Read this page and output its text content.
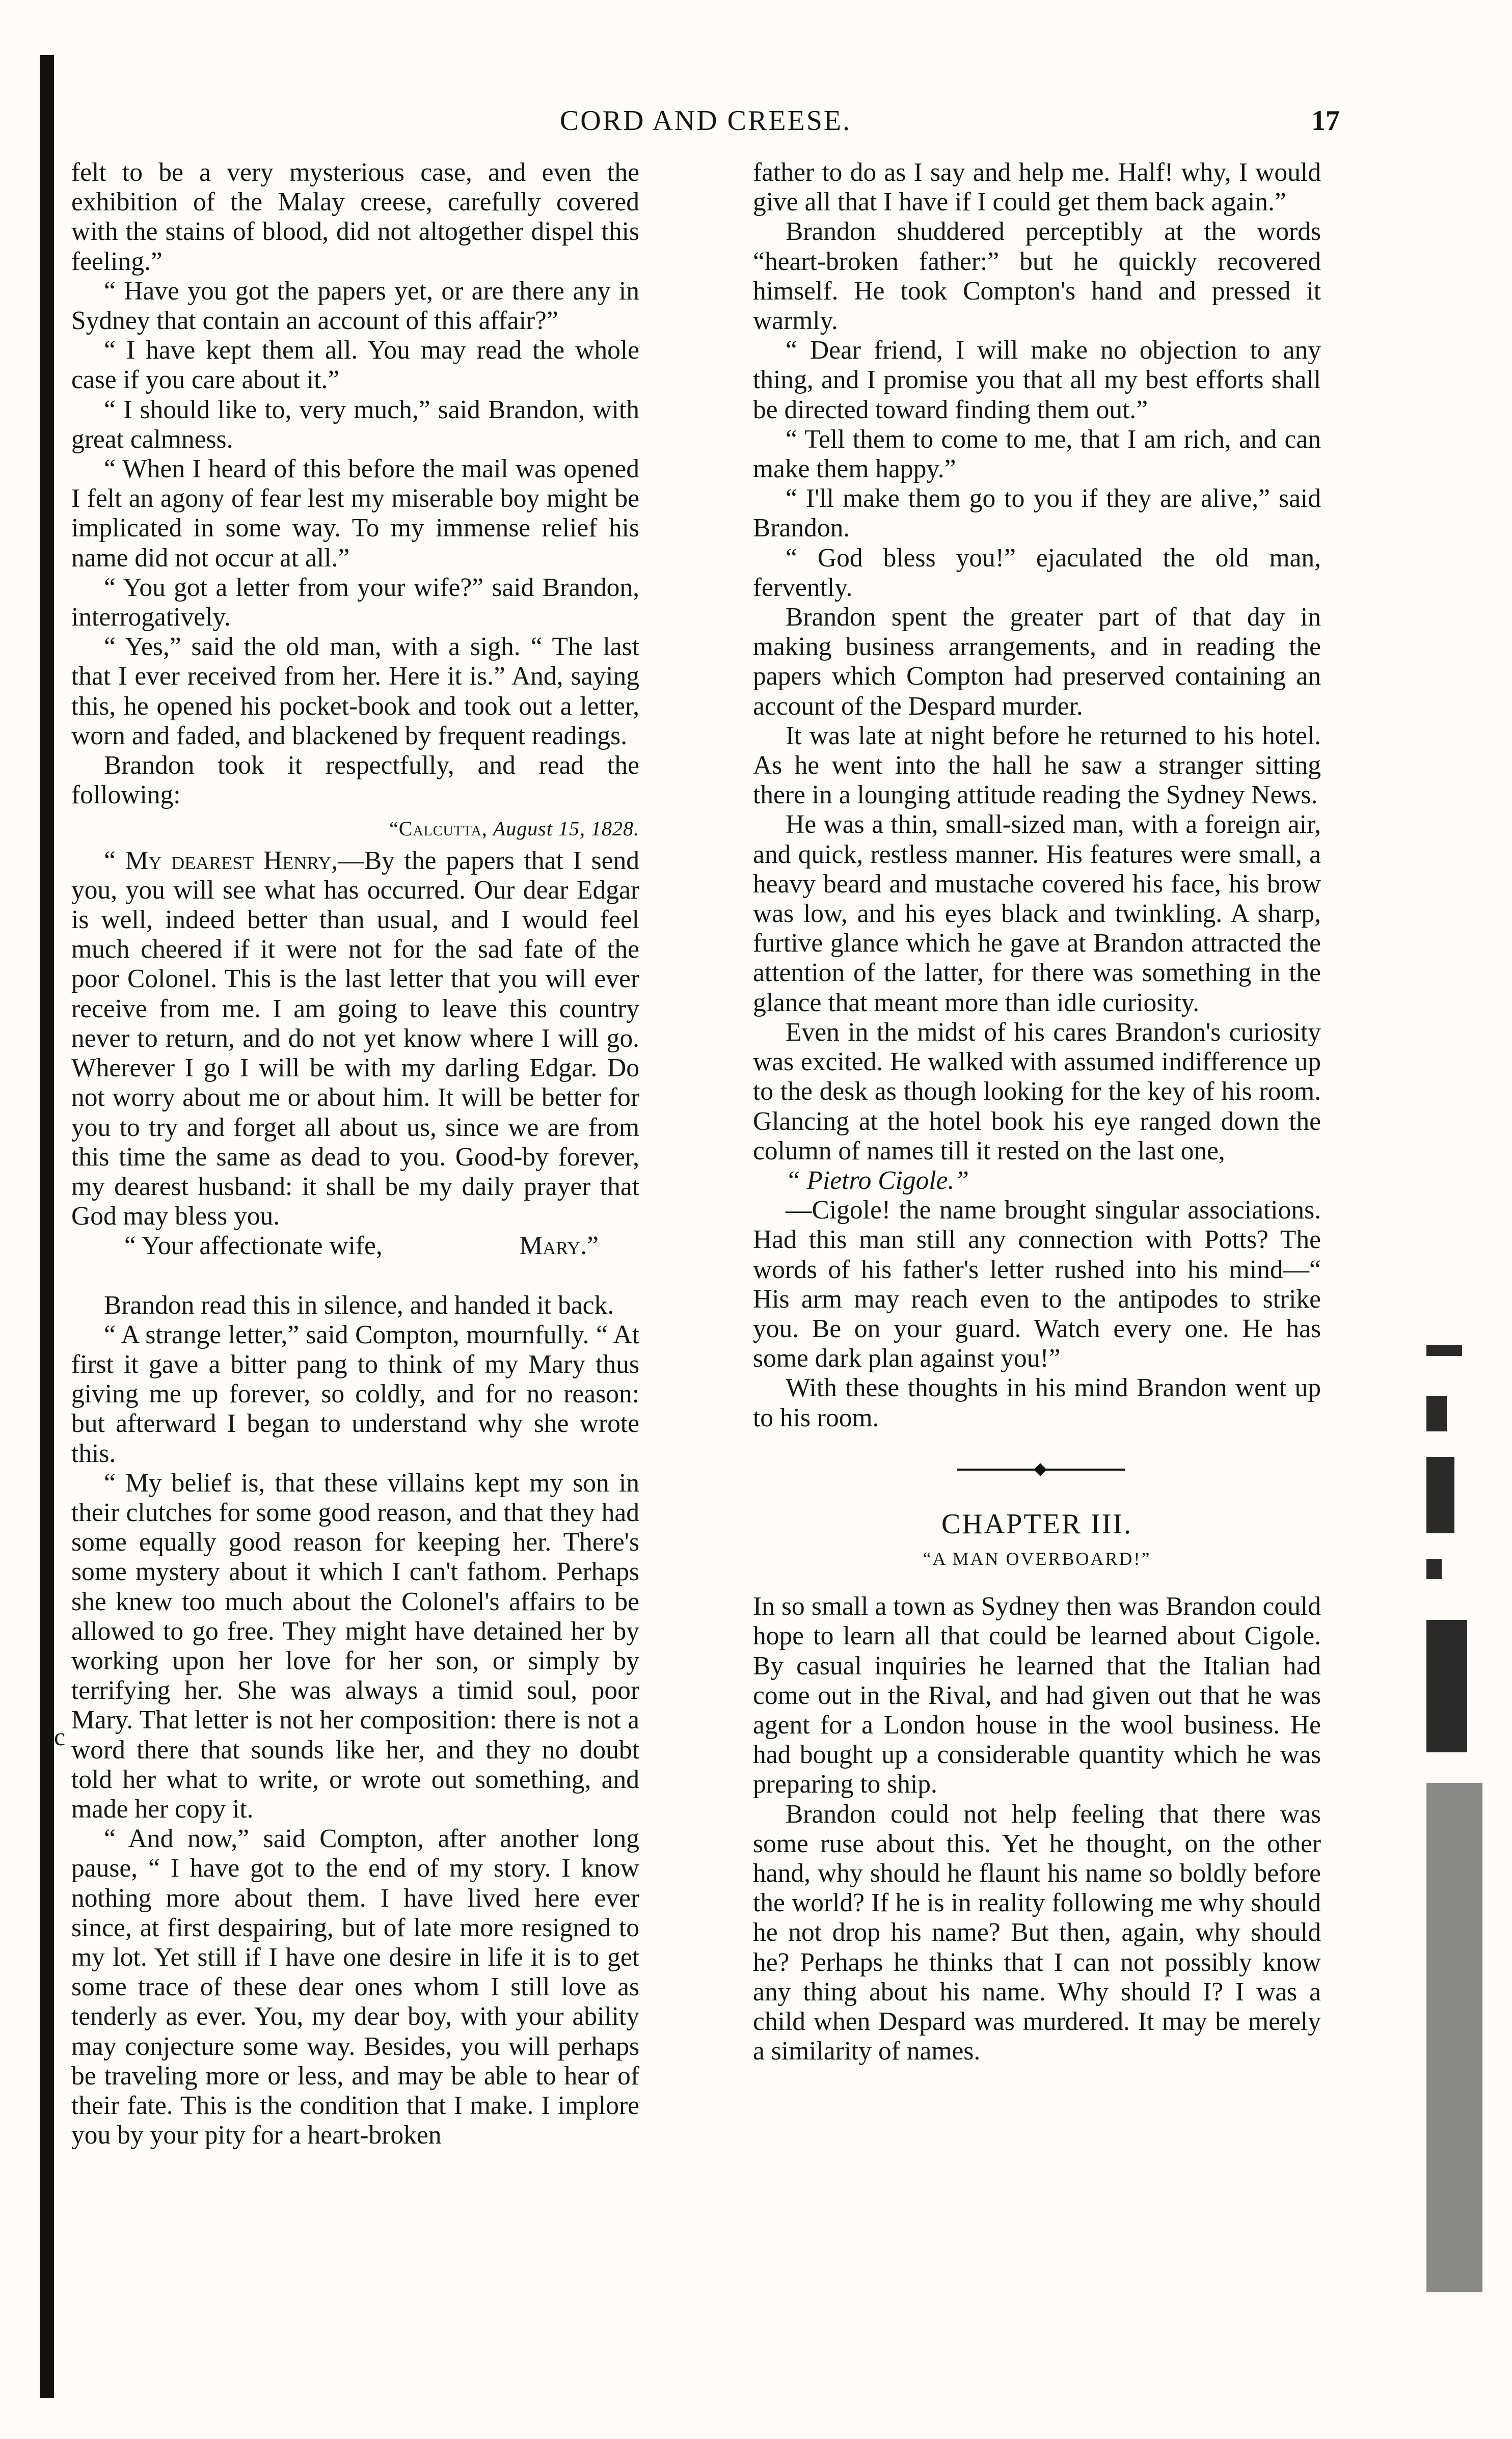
CORD AND CREESE.	17

felt to be a very mysterious case, and even the exhibition of the Malay creese, carefully covered with the stains of blood, did not altogether dispel this feeling.”

“ Have you got the papers yet, or are there any in Sydney that contain an account of this affair?”

“ I have kept them all. You may read the whole case if you care about it.”

“ I should like to, very much,” said Brandon, with great calmness.

“ When I heard of this before the mail was opened I felt an agony of fear lest my miserable boy might be implicated in some way. To my immense relief his name did not occur at all.”

“ You got a letter from your wife?” said Brandon, interrogatively.

“ Yes,” said the old man, with a sigh. “ The last that I ever received from her. Here it is.” And, saying this, he opened his pocket-book and took out a letter, worn and faded, and blackened by frequent readings.

Brandon took it respectfully, and read the following:

“Calcutta, August 15, 1828.

“ My dearest Henry,—By the papers that I send you, you will see what has occurred. Our dear Edgar is well, indeed better than usual, and I would feel much cheered if it were not for the sad fate of the poor Colonel. This is the last letter that you will ever receive from me. I am going to leave this country never to return, and do not yet know where I will go. Wherever I go I will be with my darling Edgar. Do not worry about me or about him. It will be better for you to try and forget all about us, since we are from this time the same as dead to you. Good-by forever, my dearest husband: it shall be my daily prayer that God may bless you.

“ Your affectionate wife,	Mary.”

Brandon read this in silence, and handed it back.

“ A strange letter,” said Compton, mournfully. “ At first it gave a bitter pang to think of my Mary thus giving me up forever, so coldly, and for no reason: but afterward I began to understand why she wrote this.

“ My belief is, that these villains kept my son in their clutches for some good reason, and that they had some equally good reason for keeping her. There's some mystery about it which I can't fathom. Perhaps she knew too much about the Colonel's affairs to be allowed to go free. They might have detained her by working upon her love for her son, or simply by terrifying her. She was always a timid soul, poor Mary. That letter is not her composition: there is not a word there that sounds like her, and they no doubt told her what to write, or wrote out something, and made her copy it.

“ And now,” said Compton, after another long pause, “ I have got to the end of my story. I know nothing more about them. I have lived here ever since, at first despairing, but of late more resigned to my lot. Yet still if I have one desire in life it is to get some trace of these dear ones whom I still love as tenderly as ever. You, my dear boy, with your ability may conjecture some way. Besides, you will perhaps be traveling more or less, and may be able to hear of their fate. This is the condition that I make. I implore you by your pity for a heart-broken

father to do as I say and help me. Half! why, I would give all that I have if I could get them back again.”

Brandon shuddered perceptibly at the words “heart-broken father:” but he quickly recovered himself. He took Compton's hand and pressed it warmly.

“ Dear friend, I will make no objection to any thing, and I promise you that all my best efforts shall be directed toward finding them out.”

“ Tell them to come to me, that I am rich, and can make them happy.”

“ I'll make them go to you if they are alive,” said Brandon.

“ God bless you!” ejaculated the old man, fervently.

Brandon spent the greater part of that day in making business arrangements, and in reading the papers which Compton had preserved containing an account of the Despard murder.

It was late at night before he returned to his hotel. As he went into the hall he saw a stranger sitting there in a lounging attitude reading the Sydney News.

He was a thin, small-sized man, with a foreign air, and quick, restless manner. His features were small, a heavy beard and mustache covered his face, his brow was low, and his eyes black and twinkling. A sharp, furtive glance which he gave at Brandon attracted the attention of the latter, for there was something in the glance that meant more than idle curiosity.

Even in the midst of his cares Brandon's curiosity was excited. He walked with assumed indifference up to the desk as though looking for the key of his room. Glancing at the hotel book his eye ranged down the column of names till it rested on the last one,

“ Pietro Cigole.”

—Cigole! the name brought singular associations. Had this man still any connection with Potts? The words of his father's letter rushed into his mind—“ His arm may reach even to the antipodes to strike you. Be on your guard. Watch every one. He has some dark plan against you!”

With these thoughts in his mind Brandon went up to his room.

CHAPTER III.
“A MAN OVERBOARD!”

In so small a town as Sydney then was Brandon could hope to learn all that could be learned about Cigole. By casual inquiries he learned that the Italian had come out in the Rival, and had given out that he was agent for a London house in the wool business. He had bought up a considerable quantity which he was preparing to ship.

Brandon could not help feeling that there was some ruse about this. Yet he thought, on the other hand, why should he flaunt his name so boldly before the world? If he is in reality following me why should he not drop his name? But then, again, why should he? Perhaps he thinks that I can not possibly know any thing about his name. Why should I? I was a child when Despard was murdered. It may be merely a similarity of names.

c
